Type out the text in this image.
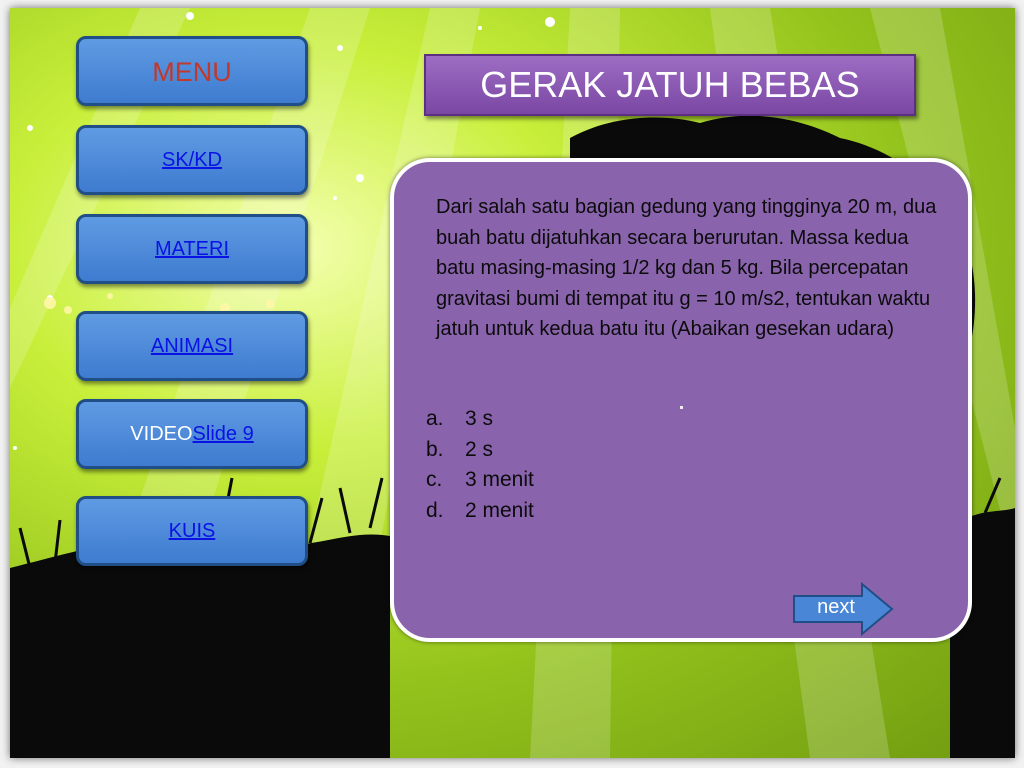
MENU
SK/KD
MATERI
ANIMASI
VIDEO Slide 9
KUIS
GERAK JATUH BEBAS
Dari salah satu bagian gedung yang tingginya 20 m, dua buah batu dijatuhkan secara berurutan. Massa kedua batu masing-masing 1/2 kg dan 5 kg. Bila percepatan gravitasi bumi di tempat itu g = 10 m/s2, tentukan waktu jatuh untuk kedua batu itu (Abaikan gesekan udara)
a.	3 s
b.	2 s
c.	3 menit
d.	2 menit
next
